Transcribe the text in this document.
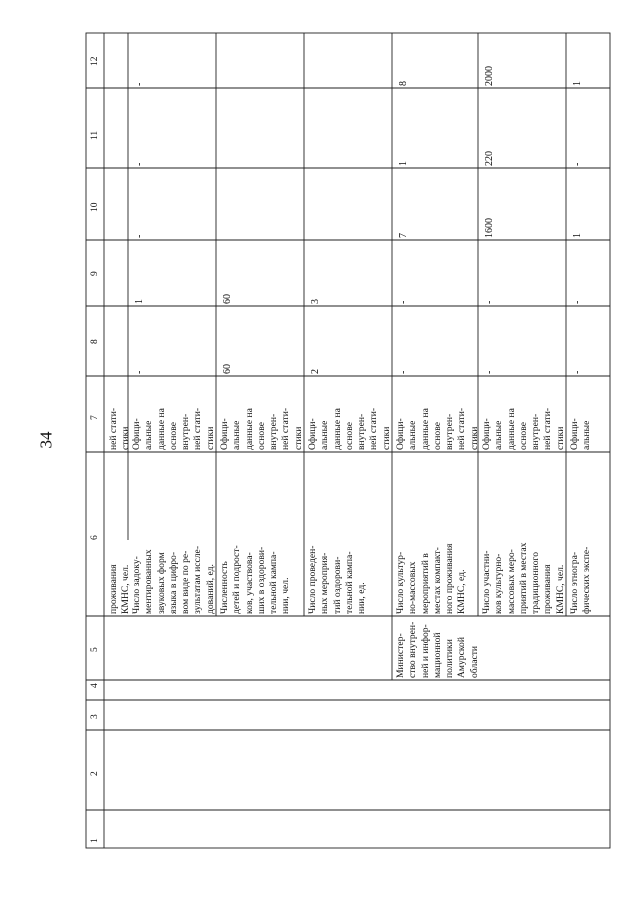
34
1
2
3
4
5
6
7
8
9
10
11
12
проживания
КМНС, чел.
ней стати-
стики
Число задоку-
ментированных
звуковых форм
языка в цифро-
вом виде по ре-
зультатам иссле-
дований, ед.
Офици-
альные
данные на
основе
внутрен-
ней стати-
стики
-
1
-
-
-
Численность
детей и подрост-
ков, участвова-
ших в оздорови-
тельной кампа-
нии, чел.
Офици-
альные
данные на
основе
внутрен-
ней стати-
стики
60
60
Число проведен-
ных мероприя-
тий оздорови-
тельной кампа-
нии, ед.
Офици-
альные
данные на
основе
внутрен-
ней стати-
стики
2
3
Министер-
ство внутрен-
ней и инфор-
мационной
политики
Амурской
области
Число культур-
но-массовых
мероприятий в
местах компакт-
ного проживания
КМНС, ед.
Офици-
альные
данные на
основе
внутрен-
ней стати-
стики
-
-
7
1
8
Число участни-
ков культурно-
массовых меро-
приятий в местах
традиционного
проживания
КМНС, чел.
Офици-
альные
данные на
основе
внутрен-
ней стати-
стики
-
-
1600
220
2000
Число этногра-
фических экспе-
Офици-
альные
-
-
1
-
1
